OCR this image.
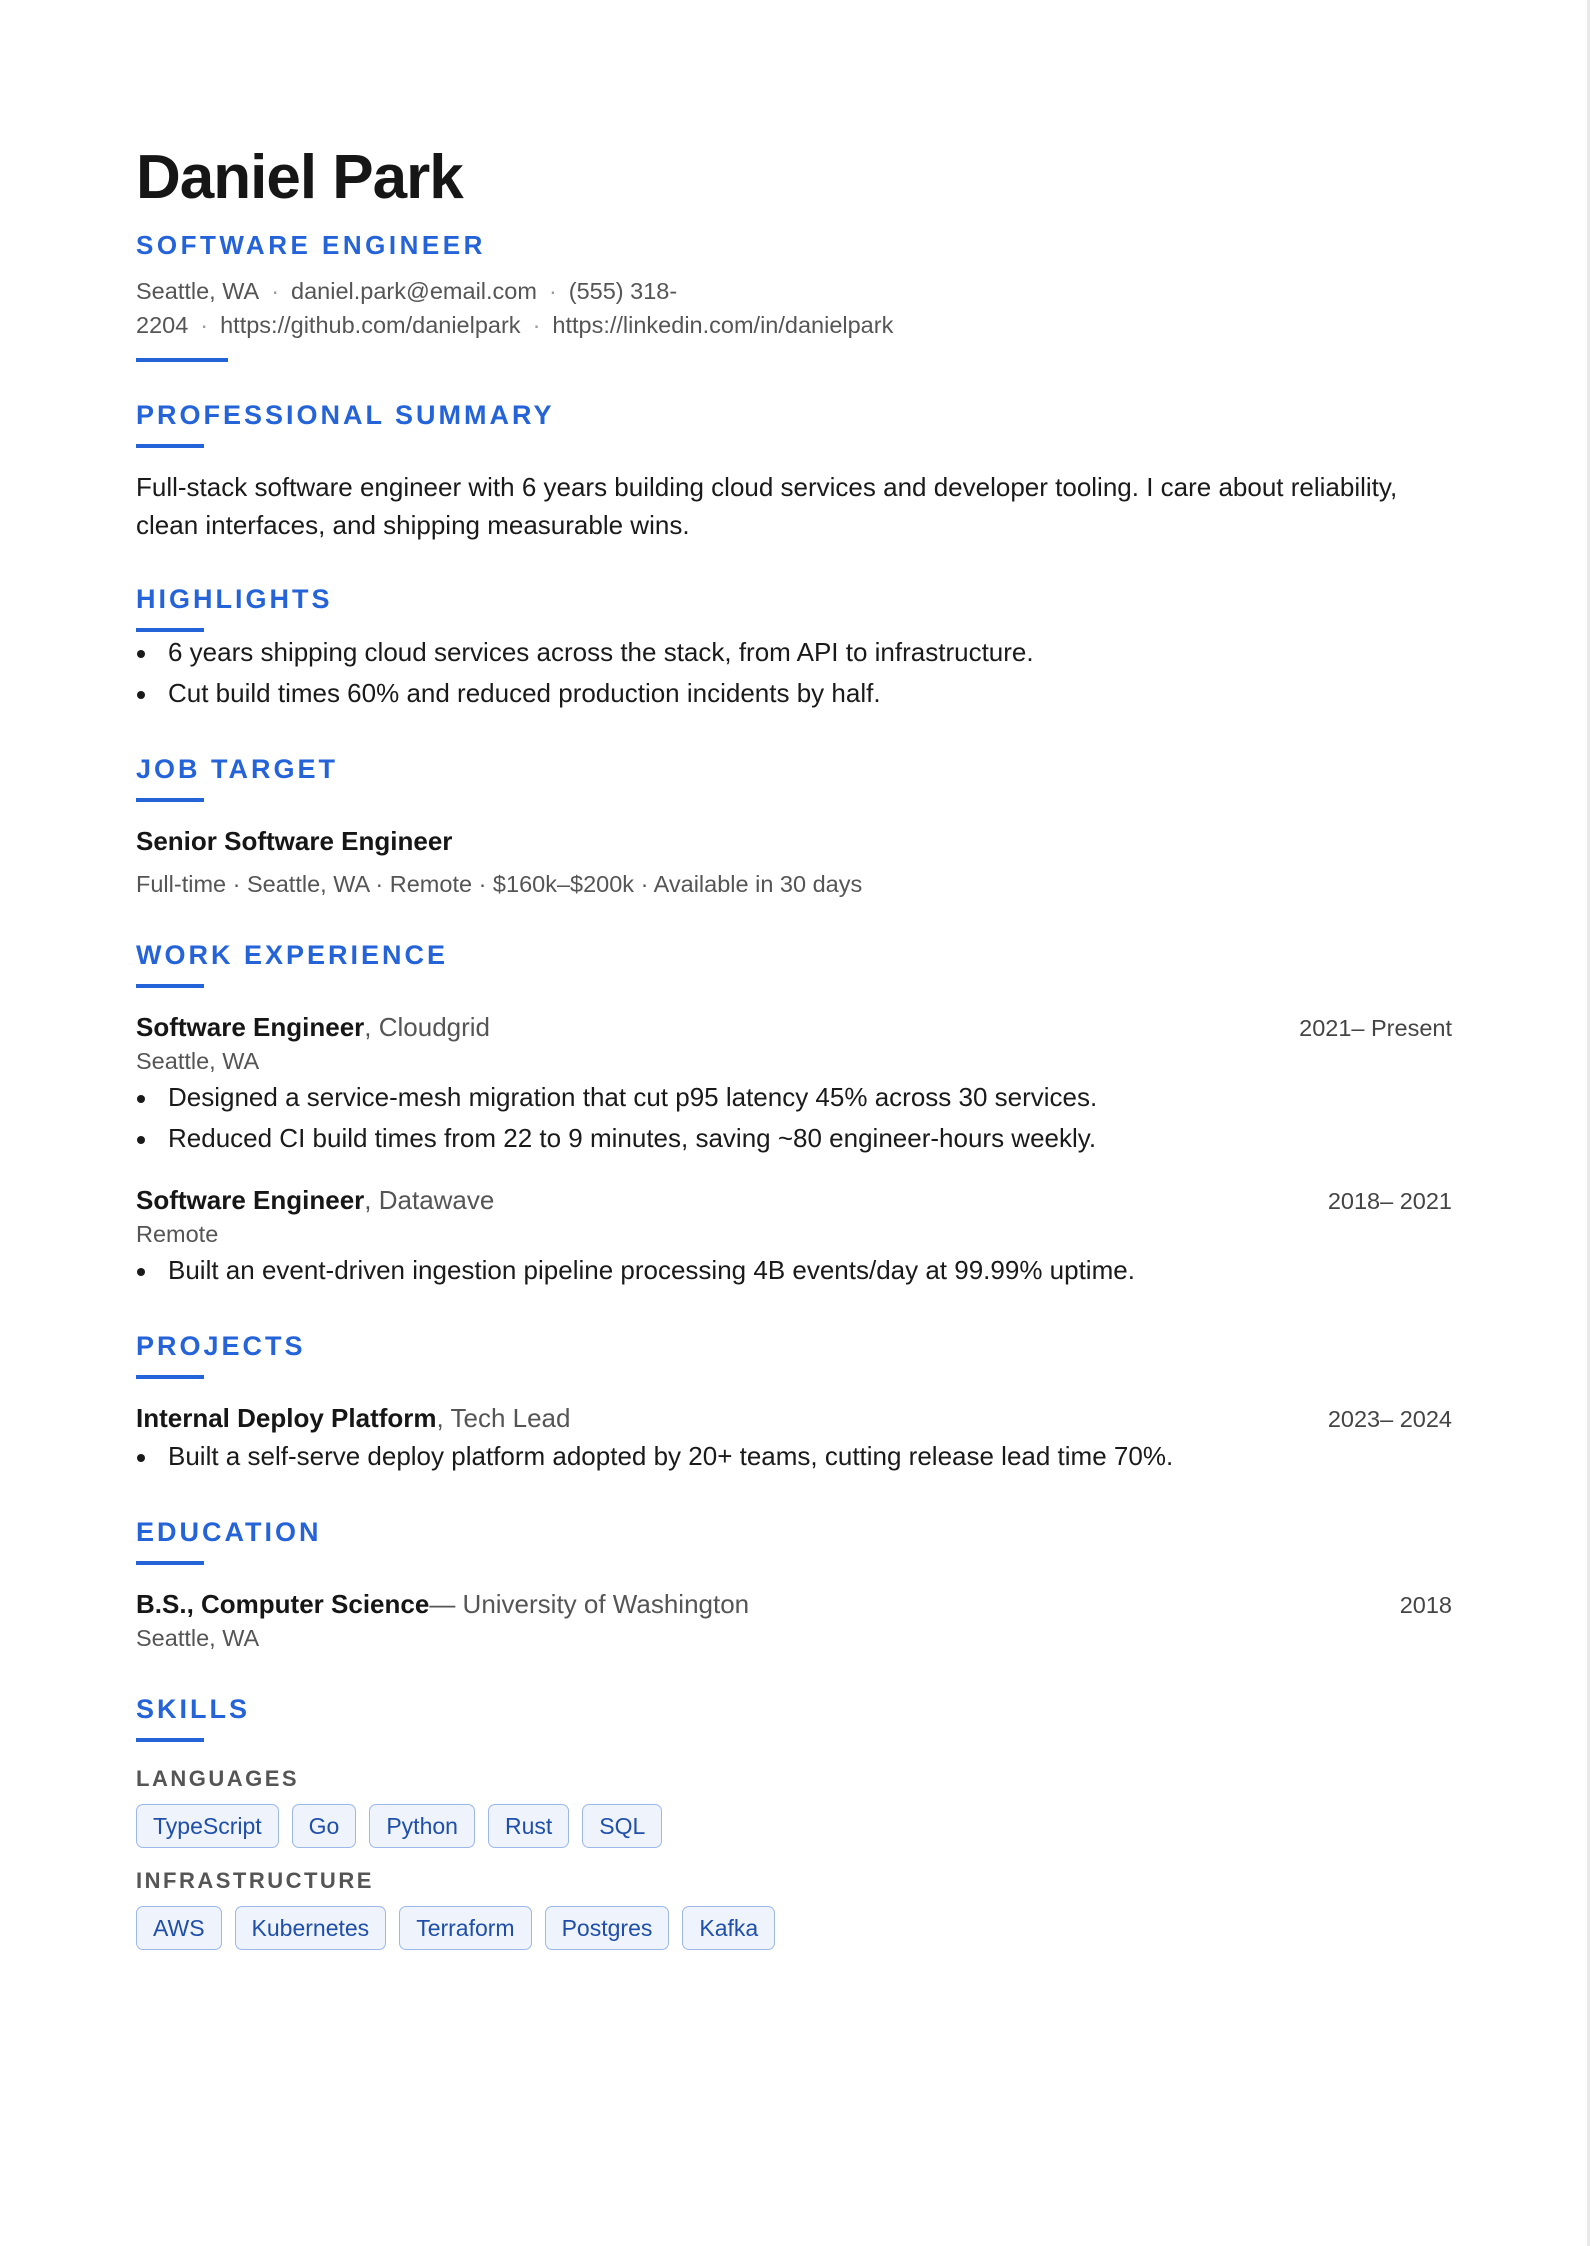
Daniel Park
SOFTWARE ENGINEER
Seattle, WA · daniel.park@email.com · (555) 318-2204 · https://github.com/danielpark · https://linkedin.com/in/danielpark
PROFESSIONAL SUMMARY
Full-stack software engineer with 6 years building cloud services and developer tooling. I care about reliability, clean interfaces, and shipping measurable wins.
HIGHLIGHTS
6 years shipping cloud services across the stack, from API to infrastructure.
Cut build times 60% and reduced production incidents by half.
JOB TARGET
Senior Software Engineer
Full-time · Seattle, WA · Remote · $160k–$200k · Available in 30 days
WORK EXPERIENCE
Software Engineer, Cloudgrid	2021– Present
Seattle, WA
Designed a service-mesh migration that cut p95 latency 45% across 30 services.
Reduced CI build times from 22 to 9 minutes, saving ~80 engineer-hours weekly.
Software Engineer, Datawave	2018– 2021
Remote
Built an event-driven ingestion pipeline processing 4B events/day at 99.99% uptime.
PROJECTS
Internal Deploy Platform, Tech Lead	2023– 2024
Built a self-serve deploy platform adopted by 20+ teams, cutting release lead time 70%.
EDUCATION
B.S., Computer Science— University of Washington	2018
Seattle, WA
SKILLS
LANGUAGES
TypeScript	Go	Python	Rust	SQL
INFRASTRUCTURE
AWS	Kubernetes	Terraform	Postgres	Kafka
